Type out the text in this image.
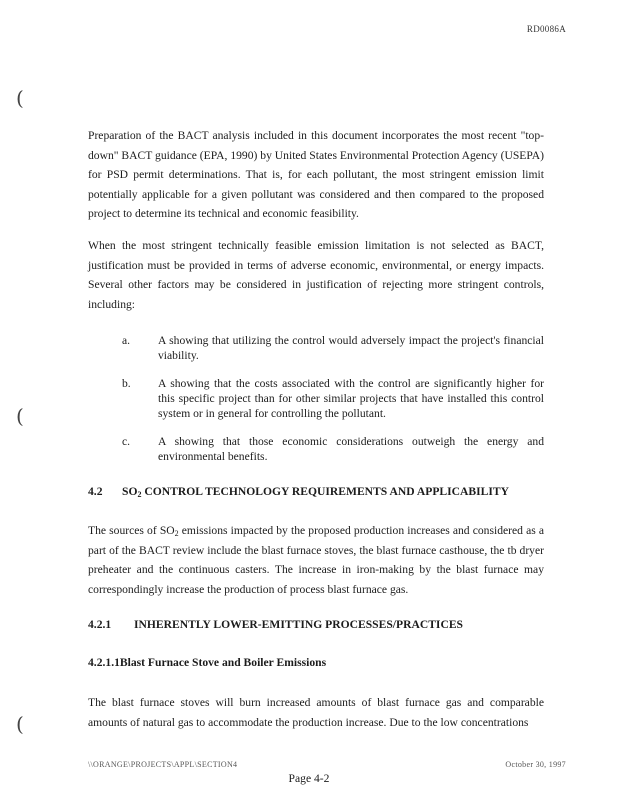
RD0086A
(
(
(
Preparation of the BACT analysis included in this document incorporates the most recent "top-down" BACT guidance (EPA, 1990) by United States Environmental Protection Agency (USEPA) for PSD permit determinations. That is, for each pollutant, the most stringent emission limit potentially applicable for a given pollutant was considered and then compared to the proposed project to determine its technical and economic feasibility.
When the most stringent technically feasible emission limitation is not selected as BACT, justification must be provided in terms of adverse economic, environmental, or energy impacts. Several other factors may be considered in justification of rejecting more stringent controls, including:
a. A showing that utilizing the control would adversely impact the project's financial viability.
b. A showing that the costs associated with the control are significantly higher for this specific project than for other similar projects that have installed this control system or in general for controlling the pollutant.
c. A showing that those economic considerations outweigh the energy and environmental benefits.
4.2 $SO_2$ CONTROL TECHNOLOGY REQUIREMENTS AND APPLICABILITY
The sources of $SO_2$ emissions impacted by the proposed production increases and considered as a part of the BACT review include the blast furnace stoves, the blast furnace casthouse, the tb dryer preheater and the continuous casters. The increase in iron-making by the blast furnace may correspondingly increase the production of process blast furnace gas.
4.2.1 INHERENTLY LOWER-EMITTING PROCESSES/PRACTICES
4.2.1.1Blast Furnace Stove and Boiler Emissions
The blast furnace stoves will burn increased amounts of blast furnace gas and comparable amounts of natural gas to accommodate the production increase. Due to the low concentrations
\\ORANGE\PROJECTS\APPL\SECTION4	October 30, 1997
Page 4-2
